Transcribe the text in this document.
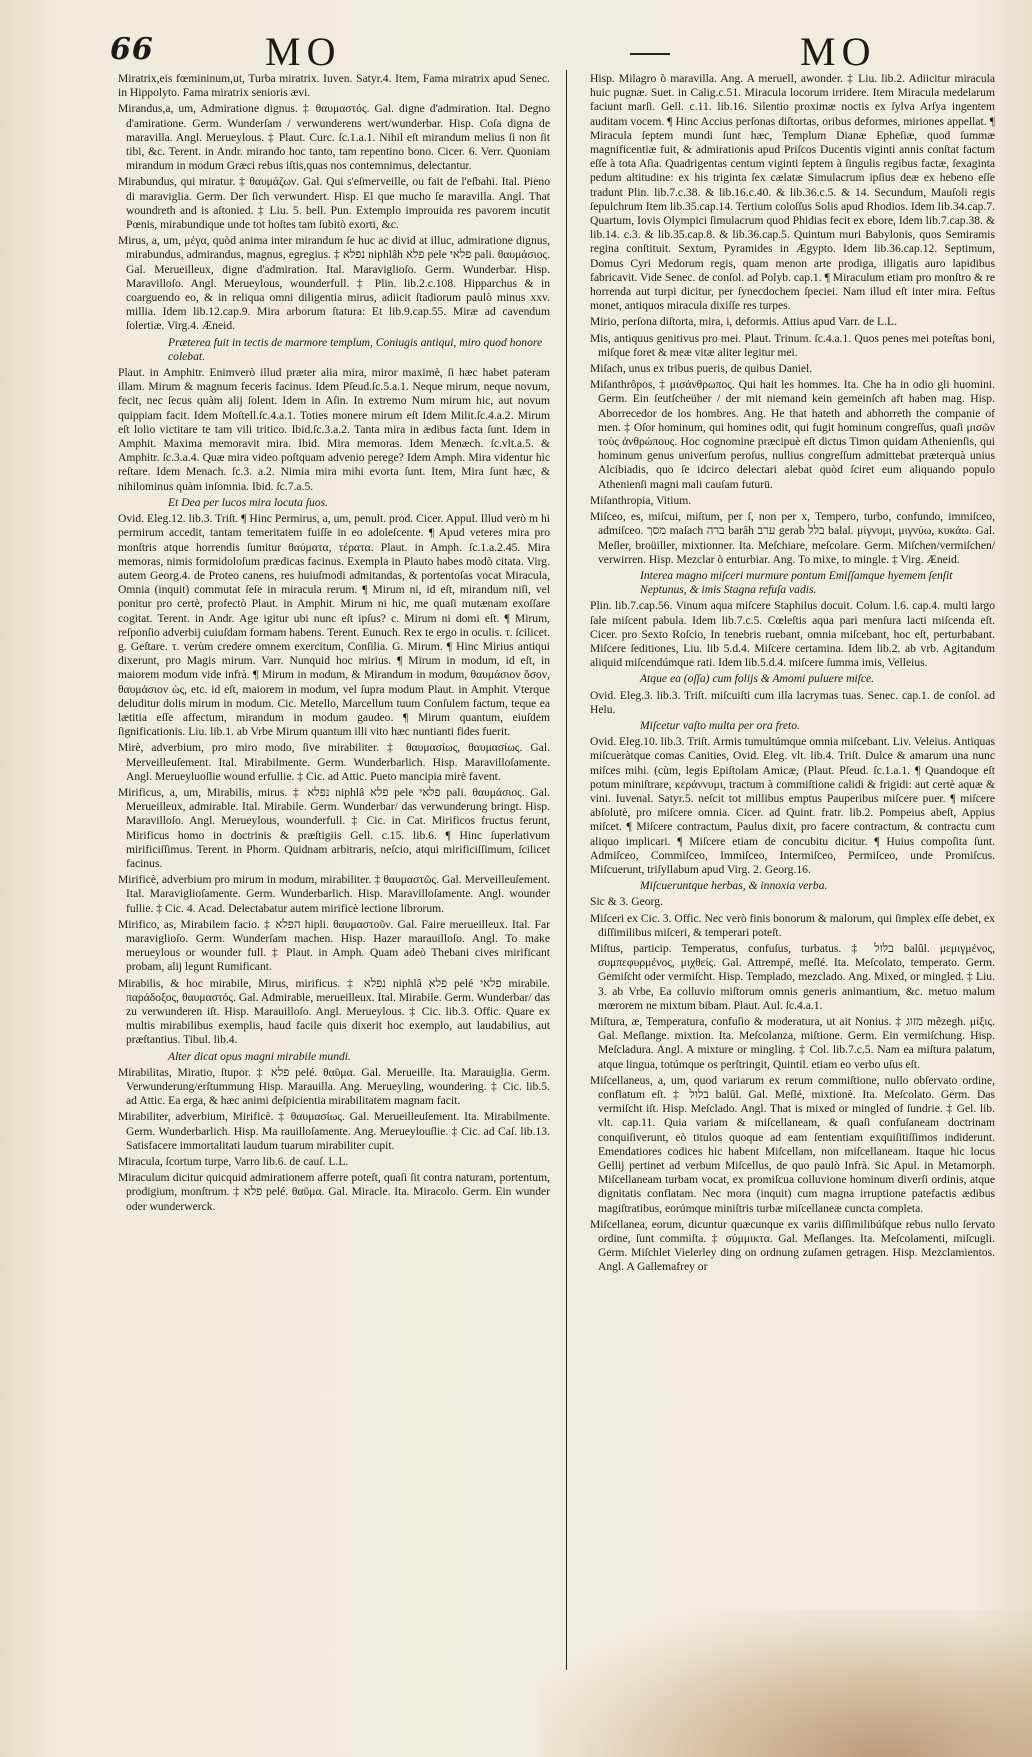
66	MO	MO
Miratrix,eis fœmininum,ut, Turba miratrix. Iuven. Satyr.4. Item, Fama miratrix apud Senec. in Hippolyto. Fama miratrix senioris ævi.
Mirandus,a, um, Admiratione dignus. ‡ θαυμαστός. Gal. digne d'admiration. Ital. Degno d'amiratione. Germ. Wunderſam / verwunderens wert/wunderbar. Hisp. Coſa digna de maravilla. Angl. Merueylous. ‡ Plaut. Curc. ſc.1.a.1. Nihil eſt mirandum melius ſi non ſit tibi, &c. Terent. in Andr. mirando hoc tanto, tam repentino bono. Cicer. 6. Verr. Quoniam mirandum in modum Græci rebus iſtis,quas nos contemnimus, delectantur.
Mirabundus, qui miratur. ‡ θαυμάζων. Gal. Qui s'eſmerveille, ou fait de l'eſbahi. Ital. Pieno di maraviglia. Germ. Der ſich verwundert. Hisp. El que mucho ſe maravilla. Angl. That woundreth and is aſtonied. ‡ Liu. 5. bell. Pun. Extemplo improuida res pavorem incutit Pœnis, mirabundique unde tot hoſtes tam ſubitò exorti, &c.
Mirus, a, um, μέγα, quòd anima inter mirandum ſe huc ac divid at illuc, admiratione dignus, mirabundus, admirandus, magnus, egregius. ‡ נפלא niphlâh פלא pele פלאי pali. θαυμάσιος. Gal. Merueilleux, digne d'admiration. Ital. Maraviglioſo. Germ. Wunderbar. Hisp. Maravilloſo. Angl. Merueylous, wounderfull. ‡ Plin. lib.2.c.108. Hipparchus & in coarguendo eo, & in reliqua omni diligentia mirus, adiicit ſtadiorum paulò minus xxv. millia. Idem lib.12.cap.9. Mira arborum ſtatura: Et lib.9.cap.55. Miræ ad cavendum ſolertiæ. Virg.4. Æneid.
Præterea fuit in tectis de marmore templum, Coniugis antiqui, miro quod honore colebat.
Plaut. in Amphitr. Enimverò illud præter alia mira, miror maximè, ſi hæc habet pateram illam. Mirum & magnum feceris facinus. Idem Pſeud.ſc.5.a.1. Neque mirum, neque novum, fecit, nec ſecus quàm alij ſolent. Idem in Aſin. In extremo Num mirum hic, aut novum quippiam facit. Idem Moſtell.ſc.4.a.1. Toties monere mirum eſt Idem Milit.ſc.4.a.2. Mirum eſt lolio victitare te tam vili tritico. Ibid.ſc.3.a.2. Tanta mira in ædibus facta ſunt. Idem in Amphit. Maxima memoravit mira. Ibid. Mira memoras. Idem Menæch. ſc.vlt.a.5. & Amphitr. ſc.3.a.4. Quæ mira video poſtquam advenio perege? Idem Amph. Mira videntur hìc reſtare. Idem Menach. ſc.3. a.2. Nimia mira mihi evorta ſunt. Item, Mira ſunt hæc, & nihilominus quàm inſomnia. Ibid. ſc.7.a.5.
Et Dea per lucos mira locuta ſuos.
Ovid. Eleg.12. lib.3. Triſt. ¶ Hinc Permirus, a, um, penult. prod. Cicer. Appul. Illud verò m hi permirum accedit, tantam temeritatem fuiſſe in eo adoleſcente. ¶ Apud veteres mira pro monſtris atque horrendis ſumitur θαύματα, τέρατα. Plaut. in Amph. ſc.1.a.2.45. Mira memoras, nimis formidoloſum prædicas facinus. Exempla in Plauto habes modò citata. Virg. autem Georg.4. de Proteo canens, res huiuſmodi admitandas, & portentoſas vocat Miracula, Omnia (inquit) commutat ſeſe in miracula rerum. ¶ Mirum ni, id eſt, mirandum niſi, vel ponitur pro certè, profectò Plaut. in Amphit. Mirum ni hic, me quaſi mutænam exoſſare cogitat. Terent. in Andr. Age igitur ubi nunc eſt ipſus? c. Mirum ni domi eſt. ¶ Mirum, reſponſio adverbij cuiuſdam formam habens. Terent. Eunuch. Rex te ergo in oculis. τ. ſcilicet. g. Geſtare. τ. verùm credere omnem exercitum, Conſilia. G. Mirum. ¶ Hinc Mirius antiqui dixerunt, pro Magis mirum. Varr. Nunquid hoc mirius. ¶ Mirum in modum, id eſt, in maiorem modum vide infrà. ¶ Mirum in modum, & Mirandum in modum, θαυμάσιον ὅσον, θαυμάσιον ὡς, etc. id eſt, maiorem in modum, vel ſupra modum Plaut. in Amphit. Vterque deluditur dolis mirum in modum. Cic. Metello, Marcellum tuum Conſulem factum, teque ea lætitia eſſe affectum, mirandum in modum gaudeo. ¶ Mirum quantum, eiuſdem ſignificationis. Liu. lib.1. ab Vrbe Mirum quantum illi vito hæc nuntianti fides fuerit.
Mirè, adverbium, pro miro modo, ſive mirabiliter. ‡ θαυμασίως, θαυμασίως. Gal. Merveilleuſement. Ital. Mirabilmente. Germ. Wunderbarlich. Hisp. Maravilloſamente. Angl. Merueyluoſlie wound erfullie. ‡ Cic. ad Attic. Pueto mancipia mirè favent.
Mirificus, a, um, Mirabilis, mirus. ‡ נפלא niphlâ פלא pele פלאי pali. θαυμάσιος. Gal. Merueilleux, admirable. Ital. Mirabile. Germ. Wunderbar/ das verwunderung bringt. Hisp. Maravilloſo. Angl. Merueylous, wounderfull. ‡ Cic. in Cat. Mirificos fructus ferunt, Mirificus homo in doctrinis & præſtigiis Gell. c.15. lib.6. ¶ Hinc ſuperlativum mirificiſſimus. Terent. in Phorm. Quidnam arbitraris, neſcio, atqui mirificiſſimum, ſcilicet facinus.
Mirificè, adverbium pro mirum in modum, mirabiliter. ‡ θαυμαστῶς. Gal. Merveilleuſement. Ital. Maraviglioſamente. Germ. Wunderbarlich. Hisp. Maravilloſamente. Angl. wounder fullie. ‡ Cic. 4. Acad. Delectabatur autem mirificè lectione librorum.
Mirifico, as, Mirabilem facio. ‡ הפלא hipli. θαυμαστοῦν. Gal. Faire merueilleux. Ital. Far maraviglioſo. Germ. Wunderſam machen. Hisp. Hazer marauilloſo. Angl. To make merueylous or wounder full. ‡ Plaut. in Amph. Quam adeò Thebani cives mirificant probam, alij legunt Rumificant.
Mirabilis, & hoc mirabile, Mirus, mirificus. ‡ נפלא niphlâ פלא pelé פלאי mirabile. παράδοξος, θαυμαστός. Gal. Admirable, merueilleux. Ital. Mirabile. Germ. Wunderbar/ das zu verwunderen iſt. Hisp. Marauilloſo. Angl. Merueylous. ‡ Cic. lib.3. Offic. Quare ex multis mirabilibus exemplis, haud facile quis dixerit hoc exemplo, aut laudabilius, aut præſtantius. Tibul. lib.4.
Alter dicat opus magni mirabile mundi.
Mirabilitas, Miratio, ſtupor. ‡ פלא pelé. θαῦμα. Gal. Merueille. Ita. Marauiglia. Germ. Verwunderung/erſtummung Hisp. Marauilla. Ang. Merueyling, woundering. ‡ Cic. lib.5. ad Attic. Ea erga, & hæc animi deſpicientia mirabilitatem magnam facit.
Mirabiliter, adverbium, Mirificè. ‡ θαυμασίως. Gal. Merueilleuſement. Ita. Mirabilmente. Germ. Wunderbarlich. Hisp. Ma rauilloſamente. Ang. Merueylouſlie. ‡ Cic. ad Caſ. lib.13. Satisfacere immortalitati laudum tuarum mirabiliter cupit.
Miracula, ſcortum turpe, Varro lib.6. de cauſ. L.L.
Miraculum dicitur quicquid admirationem afferre poteſt, quaſi ſit contra naturam, portentum, prodigium, monſtrum. ‡ פלא pelé. θαῦμα. Gal. Miracle. Ita. Miracolo. Germ. Ein wunder oder wunderwerck.
Hisp. Milagro ò maravilla. Ang. A meruell, awonder. ‡ Liu. lib.2. Adiicitur miracula huic pugnæ. Suet. in Calig.c.51. Miracula locorum irridere. Item Miracula medelarum faciunt marſi. Gell. c.11. lib.16. Silentio proximæ noctis ex ſylva Arſya ingentem auditam vocem. ¶ Hinc Accius perſonas diſtortas, oribus deformes, miriones appellat. ¶ Miracula ſeptem mundi ſunt hæc, Templum Dianæ Epheſiæ, quod ſummæ magnificentiæ fuit, & admirationis apud Priſcos Ducentis viginti annis conſtat factum eſſe à tota Aſia. Quadrigentas centum viginti ſeptem à ſingulis regibus factæ, ſexaginta pedum altitudine: ex his triginta ſex cælatæ Simulacrum ipſius deæ ex hebeno eſſe tradunt Plin. lib.7.c.38. & lib.16.c.40. & lib.36.c.5. & 14. Secundum, Mauſoli regis ſepulchrum Item lib.35.cap.14. Tertium coloſſus Solis apud Rhodios. Idem lib.34.cap.7. Quartum, Iovis Olympici ſimulacrum quod Phidias fecit ex ebore, Idem lib.7.cap.38. & lib.14. c.3. & lib.35.cap.8. & lib.36.cap.5. Quintum muri Babylonis, quos Semiramis regina conſtituit. Sextum, Pyramides in Ægypto. Idem lib.36.cap.12. Septimum, Domus Cyri Medorum regis, quam menon arte prodiga, illigatis auro lapidibus fabricavit. Vide Senec. de conſol. ad Polyb. cap.1. ¶ Miraculum etiam pro monſtro & re horrenda aut turpi dicitur, per ſynecdochem ſpeciei. Nam illud eſt inter mira. Feſtus monet, antiquos miracula dixiſſe res turpes.
Mirio, perſona diſtorta, mira, i, deformis. Attius apud Varr. de L.L.
Mis, antiquus genitivus pro mei. Plaut. Trinum. ſc.4.a.1. Quos penes mei poteſtas boni, miſque foret & meæ vitæ aliter legitur mei.
Miſach, unus ex tribus pueris, de quibus Daniel.
Miſanthrôpos, ‡ μισάνθρωπος. Qui hait les hommes. Ita. Che ha in odio gli huomini. Germ. Ein ſeutſcheüher / der mit niemand kein gemeinſch aft haben mag. Hisp. Aborrecedor de los hombres. Ang. He that hateth and abhorreth the companie of men. ‡ Oſor hominum, qui homines odit, qui fugit hominum congreſſus, quaſi μισῶν τοὺς ἀνθρώπους. Hoc cognomine præcipuè eſt dictus Timon quidam Athenienſis, qui hominum genus univerſum peroſus, nullius congreſſum admittebat præterquà unius Alcibiadis, quo ſe idcirco delectari alebat quòd ſciret eum aliquando populo Athenienſi magni mali cauſam futurū.
Miſanthropia, Vitium.
Miſceo, es, miſcui, miſtum, per ſ, non per x, Tempero, turbo, confundo, immiſceo, admiſceo. מסך maſach ברה barâh ערב gerab בלל balal. μίγνυμι, μιγνύω, κυκάω. Gal. Meſler, broüiller, mixtionner. Ita. Meſchiare, meſcolare. Germ. Miſchen/vermiſchen/ verwirren. Hisp. Mezclar ò enturbiar. Ang. To mixe, to mingle. ‡ Virg. Æneid.
Interea magno miſceri murmure pontum Emiſſamque hyemem ſenſit Neptunus, & imis Stagna refuſa vadis.
Plin. lib.7.cap.56. Vinum aqua miſcere Staphilus docuit. Colum. l.6. cap.4. multi largo ſale miſcent pabula. Idem lib.7.c.5. Cœleſtis aqua pari menſura lacti miſcenda eſt. Cicer. pro Sexto Roſcio, In tenebris ruebant, omnia miſcebant, hoc eſt, perturbabant. Miſcere ſeditiones, Liu. lib 5.d.4. Miſcere certamina. Idem lib.2. ab vrb. Agitandum aliquid miſcendúmque rati. Idem lib.5.d.4. miſcere ſumma imis, Velleius.
Atque ea (oſſa) cum folijs & Amomi puluere miſce.
Ovid. Eleg.3. lib.3. Triſt. miſcuiſti cum illa lacrymas tuas. Senec. cap.1. de conſol. ad Helu.
Miſcetur vaſto multa per ora freto.
Ovid. Eleg.10. lib.3. Triſt. Armis tumultúmque omnia miſcebant. Liv. Veleius. Antiquas miſcueràtque comas Canities, Ovid. Eleg. vlt. lib.4. Triſt. Dulce & amarum una nunc miſces mihi. (cùm, legis Epiſtolam Amicæ, (Plaut. Pſeud. ſc.1.a.1. ¶ Quandoque eſt potum miniſtrare, κεράννυμι, tractum à commiſtione calidi & frigidi: aut certè aquæ & vini. Iuvenal. Satyr.5. neſcit tot millibus emptus Pauperibus miſcere puer. ¶ miſcere abſolutè, pro miſcere omnia. Cicer. ad Quint. fratr. lib.2. Pompeius abeſt, Appius miſcet. ¶ Miſcere contractum, Paulus dixit, pro facere contractum, & contractu cum aliquo implicari. ¶ Miſcere etiam de concubitu dicitur. ¶ Huius compoſita ſunt. Admiſceo, Commiſceo, Immiſceo, Intermiſceo, Permiſceo, unde Promiſcus. Miſcuerunt, triſyllabum apud Virg. 2. Georg.16.
Miſcueruntque herbas, & innoxia verba.
Sic & 3. Georg.
Miſceri ex Cic. 3. Offic. Nec verò finis bonorum & malorum, qui ſimplex eſſe debet, ex diſſimilibus miſceri, & temperari poteſt.
Miſtus, particip. Temperatus, confuſus, turbatus. ‡ בלול balûl. μεμιγμένος, συμπεφυρμένος, μιχθείς. Gal. Attrempé, meſlé. Ita. Meſcolato, temperato. Germ. Gemiſcht oder vermiſcht. Hisp. Templado, mezclado. Ang. Mixed, or mingled. ‡ Liu. 3. ab Vrbe, Ea colluvio miſtorum omnis generis animantium, &c. metuo malum mœrorem ne mixtum bibam. Plaut. Aul. ſc.4.a.1.
Miſtura, æ, Temperatura, confuſio & moderatura, ut ait Nonius. ‡ מזוג mêzegh. μίξις. Gal. Meſlange. mixtion. Ita. Meſcolanza, miſtione. Germ. Ein vermiſchung. Hisp. Meſcladura. Angl. A mixture or mingling. ‡ Col. lib.7.c.5. Nam ea miſtura palatum, atque lingua, totúmque os perſtringit, Quintil. etiam eo verbo uſus eſt.
Miſcellaneus, a, um, quod variarum ex rerum commiſtione, nullo obſervato ordine, conflatum eſt. ‡ בלול balûl. Gal. Meſlé, mixtionè. Ita. Meſcolato. Germ. Das vermiſcht iſt. Hisp. Meſclado. Angl. That is mixed or mingled of ſundrie. ‡ Gel. lib. vlt. cap.11. Quia variam & miſcellaneam, & quaſi confuſaneam doctrinam conquiſiverunt, eò titulos quoque ad eam ſententiam exquiſitiſſimos indiderunt. Emendatiores codices hic habent Miſcellam, non miſcellaneam. Itaque hic locus Gellij pertinet ad verbum Miſcellus, de quo paulò Infrà. Sic Apul. in Metamorph. Miſcellaneam turbam vocat, ex promiſcua colluvione hominum diverſi ordinis, atque dignitatis conflatam. Nec mora (inquit) cum magna irruptione patefactis ædibus magiſtratibus, eorúmque miniſtris turbæ miſcellaneæ cuncta completa.
Miſcellanea, eorum, dicuntur quæcunque ex variis diſſimilibúſque rebus nullo ſervato ordine, ſunt commiſta. ‡ σύμμικτα. Gal. Meſlanges. Ita. Meſcolamenti, miſcugli. Germ. Miſchlet Vielerley ding on ordnung zuſamen getragen. Hisp. Mezclamientos. Angl. A Gallemafrey or
